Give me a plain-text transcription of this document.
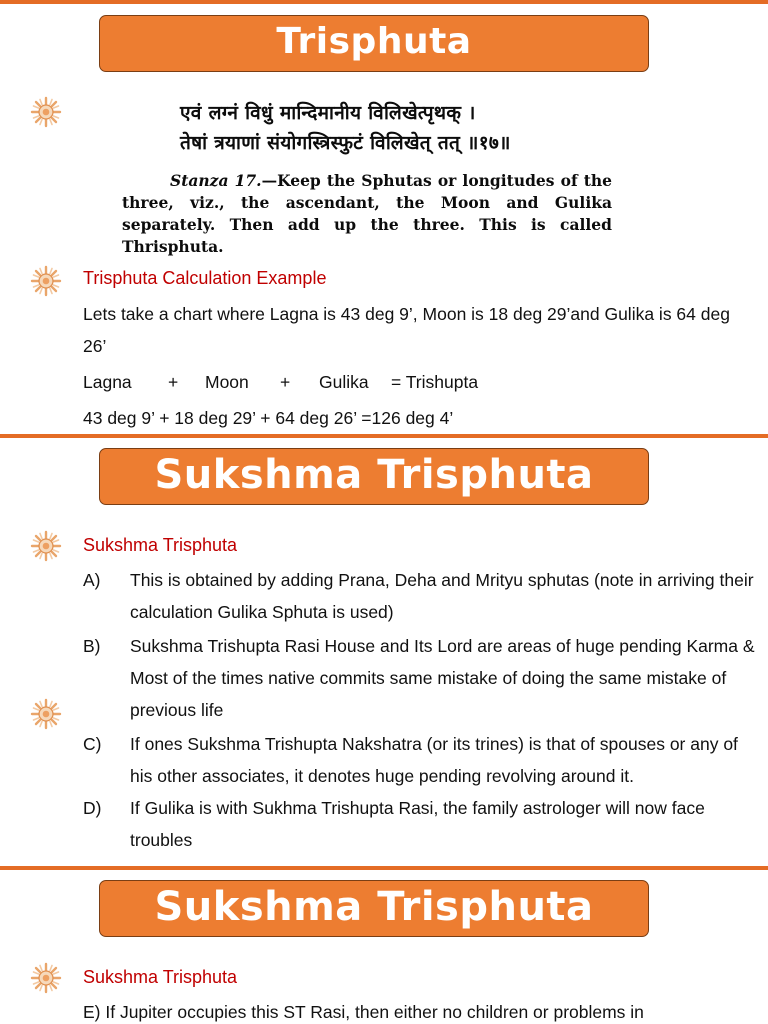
Trisphuta
एवं लग्नं विधुं मान्दिमानीय विलिखेत्पृथक् ।
तेषां त्रयाणां संयोगस्त्रिस्फुटं विलिखेत् तत् ॥१७॥
Stanza 17.—Keep the Sphutas or longitudes of the three, viz., the ascendant, the Moon and Gulika separately. Then add up the three. This is called Thrisphuta.
Trisphuta Calculation Example
Lets take a chart where Lagna is 43 deg 9’, Moon is 18 deg 29’and Gulika is 64 deg 26’
Lagna + Moon + Gulika = Trishupta
43 deg 9’ + 18 deg 29’ + 64 deg 26’ =126 deg 4’
Sukshma Trisphuta
Sukshma Trisphuta
A) This is obtained by adding Prana, Deha and Mrityu sphutas (note in arriving their calculation Gulika Sphuta is used)
B) Sukshma Trishupta Rasi House and Its Lord are areas of huge pending Karma & Most of the times native commits same mistake of doing the same mistake of previous life
C) If ones Sukshma Trishupta Nakshatra (or its trines) is that of spouses or any of his other associates, it denotes huge pending revolving around it.
D) If Gulika is with Sukhma Trishupta Rasi, the family astrologer will now face troubles
Sukshma Trisphuta
Sukshma Trisphuta
E) If Jupiter occupies this ST Rasi, then either no children or problems in
